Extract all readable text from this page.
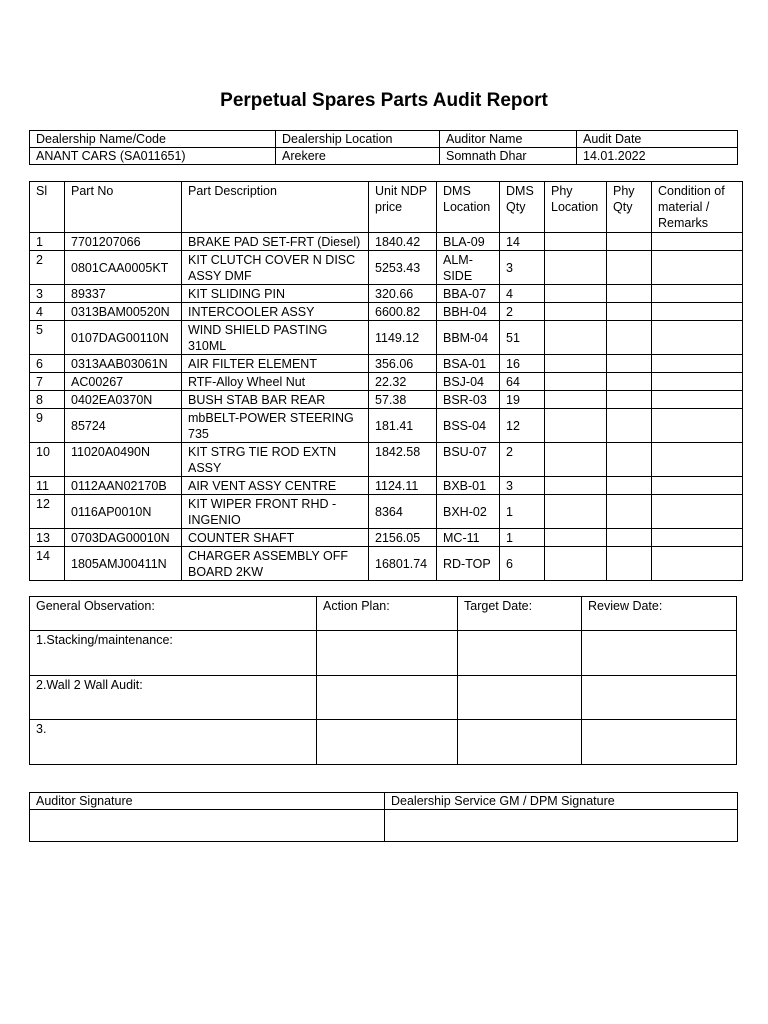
Perpetual Spares Parts Audit Report
Dealership Name/Code	Dealership Location	Auditor Name	Audit Date
ANANT CARS (SA011651)	Arekere	Somnath Dhar	14.01.2022
Sl	Part No	Part Description	Unit NDP price	DMS Location	DMS Qty	Phy Location	Phy Qty	Condition of material / Remarks
1	7701207066	BRAKE PAD SET-FRT (Diesel)	1840.42	BLA-09	14			
2	0801CAA0005KT	KIT CLUTCH COVER N DISC ASSY DMF	5253.43	ALM-SIDE	3			
3	89337	KIT SLIDING PIN	320.66	BBA-07	4			
4	0313BAM00520N	INTERCOOLER ASSY	6600.82	BBH-04	2			
5	0107DAG00110N	WIND SHIELD PASTING 310ML	1149.12	BBM-04	51			
6	0313AAB03061N	AIR FILTER ELEMENT	356.06	BSA-01	16			
7	AC00267	RTF-Alloy Wheel Nut	22.32	BSJ-04	64			
8	0402EA0370N	BUSH STAB BAR REAR	57.38	BSR-03	19			
9	85724	mbBELT-POWER STEERING 735	181.41	BSS-04	12			
10	11020A0490N	KIT STRG TIE ROD EXTN ASSY	1842.58	BSU-07	2			
11	0112AAN02170B	AIR VENT ASSY CENTRE	1124.11	BXB-01	3			
12	0116AP0010N	KIT WIPER FRONT RHD - INGENIO	8364	BXH-02	1			
13	0703DAG00010N	COUNTER SHAFT	2156.05	MC-11	1			
14	1805AMJ00411N	CHARGER ASSEMBLY OFF BOARD 2KW	16801.74	RD-TOP	6			
General Observation:	Action Plan:	Target Date:	Review Date:
1.Stacking/maintenance:			
2.Wall 2 Wall Audit:			
3.			
Auditor Signature	Dealership Service GM / DPM Signature
